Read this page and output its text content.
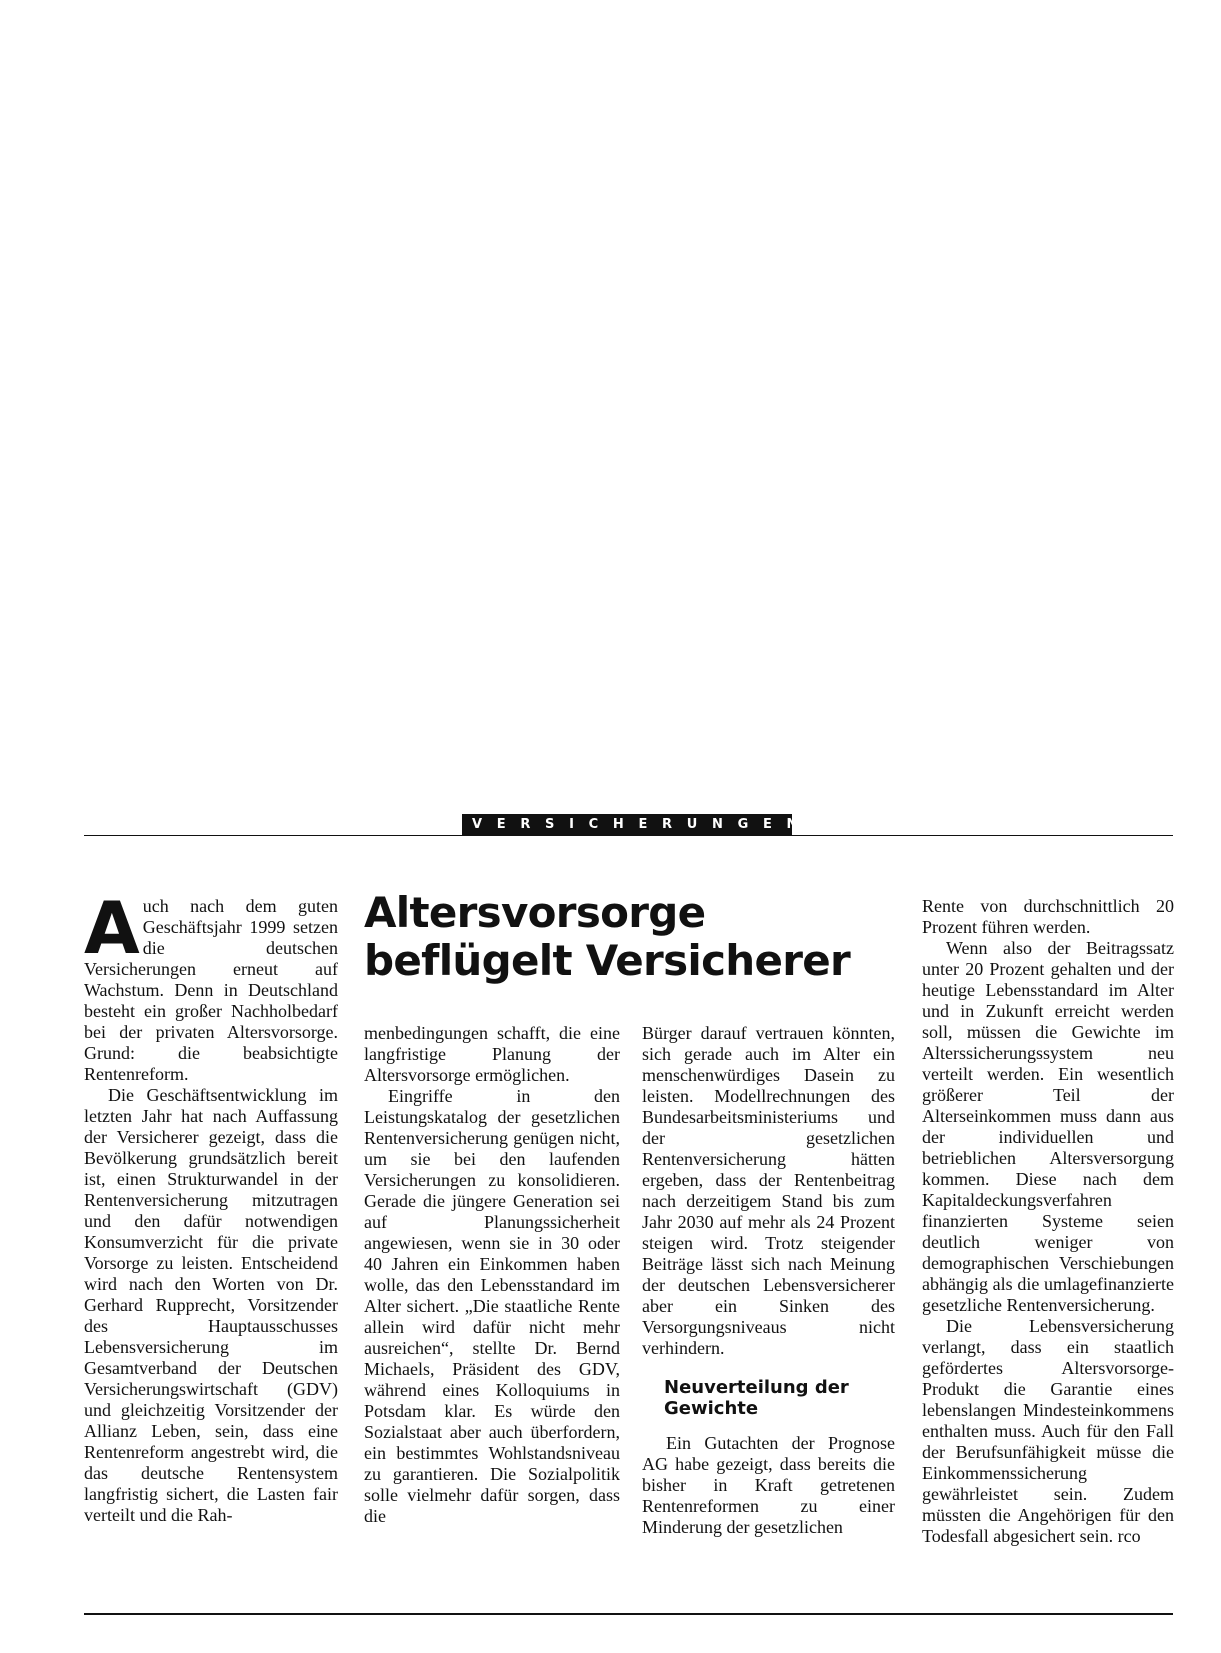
VERSICHERUNGEN

Auch nach dem guten Geschäftsjahr 1999 setzen die deutschen Versicherungen erneut auf Wachstum. Denn in Deutschland besteht ein großer Nachholbedarf bei der privaten Altersvorsorge. Grund: die beabsichtigte Rentenreform.

Die Geschäftsentwicklung im letzten Jahr hat nach Auffassung der Versicherer gezeigt, dass die Bevölkerung grundsätzlich bereit ist, einen Strukturwandel in der Rentenversicherung mitzutragen und den dafür notwendigen Konsumverzicht für die private Vorsorge zu leisten. Entscheidend wird nach den Worten von Dr. Gerhard Rupprecht, Vorsitzender des Hauptausschusses Lebensversicherung im Gesamtverband der Deutschen Versicherungswirtschaft (GDV) und gleichzeitig Vorsitzender der Allianz Leben, sein, dass eine Rentenreform angestrebt wird, die das deutsche Rentensystem langfristig sichert, die Lasten fair verteilt und die Rah-

Altersvorsorge beflügelt Versicherer

menbedingungen schafft, die eine langfristige Planung der Altersvorsorge ermöglichen.

Eingriffe in den Leistungskatalog der gesetzlichen Rentenversicherung genügen nicht, um sie bei den laufenden Versicherungen zu konsolidieren. Gerade die jüngere Generation sei auf Planungssicherheit angewiesen, wenn sie in 30 oder 40 Jahren ein Einkommen haben wolle, das den Lebensstandard im Alter sichert. „Die staatliche Rente allein wird dafür nicht mehr ausreichen“, stellte Dr. Bernd Michaels, Präsident des GDV, während eines Kolloquiums in Potsdam klar. Es würde den Sozialstaat aber auch überfordern, ein bestimmtes Wohlstandsniveau zu garantieren. Die Sozialpolitik solle vielmehr dafür sorgen, dass die

Bürger darauf vertrauen könnten, sich gerade auch im Alter ein menschenwürdiges Dasein zu leisten. Modellrechnungen des Bundesarbeitsministeriums und der gesetzlichen Rentenversicherung hätten ergeben, dass der Rentenbeitrag nach derzeitigem Stand bis zum Jahr 2030 auf mehr als 24 Prozent steigen wird. Trotz steigender Beiträge lässt sich nach Meinung der deutschen Lebensversicherer aber ein Sinken des Versorgungsniveaus nicht verhindern.

Neuverteilung der Gewichte

Ein Gutachten der Prognose AG habe gezeigt, dass bereits die bisher in Kraft getretenen Rentenreformen zu einer Minderung der gesetzlichen

Rente von durchschnittlich 20 Prozent führen werden.

Wenn also der Beitragssatz unter 20 Prozent gehalten und der heutige Lebensstandard im Alter und in Zukunft erreicht werden soll, müssen die Gewichte im Alterssicherungssystem neu verteilt werden. Ein wesentlich größerer Teil der Alterseinkommen muss dann aus der individuellen und betrieblichen Altersversorgung kommen. Diese nach dem Kapitaldeckungsverfahren finanzierten Systeme seien deutlich weniger von demographischen Verschiebungen abhängig als die umlagefinanzierte gesetzliche Rentenversicherung.

Die Lebensversicherung verlangt, dass ein staatlich gefördertes Altersvorsorge-Produkt die Garantie eines lebenslangen Mindesteinkommens enthalten muss. Auch für den Fall der Berufsunfähigkeit müsse die Einkommenssicherung gewährleistet sein. Zudem müssten die Angehörigen für den Todesfall abgesichert sein. rco
